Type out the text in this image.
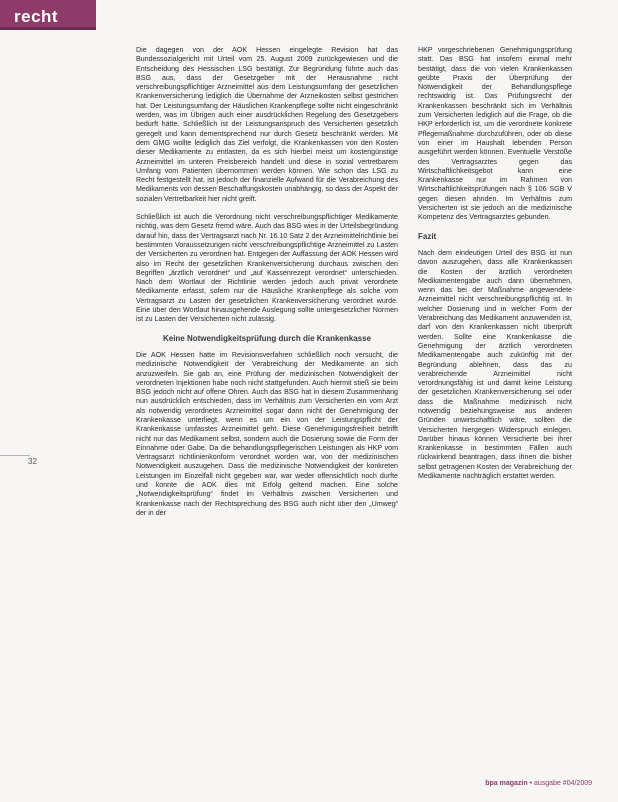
recht
32

Die dagegen von der AOK Hessen eingelegte Revision hat das Bundessozialgericht mit Urteil vom 25. August 2009 zurückgewiesen und die Entscheidung des Hessischen LSG bestätigt. Zur Begründung führte auch das BSG aus, dass der Gesetzgeber mit der Herausnahme nicht verschreibungspflichtiger Arzneimittel aus dem Leistungsumfang der gesetzlichen Krankenversicherung lediglich die Übernahme der Arzneikosten selbst gestrichen hat. Der Leistungsumfang der Häuslichen Krankenpflege sollte nicht eingeschränkt werden, was im Übrigen auch einer ausdrücklichen Regelung des Gesetzgebers bedurft hätte. Schließlich ist der Leistungsanspruch des Versicherten gesetzlich geregelt und kann dementsprechend nur durch Gesetz beschränkt werden. Mit dem GMG wollte lediglich das Ziel verfolgt, die Krankenkassen von den Kosten dieser Medikamente zu entlasten, da es sich hierbei meist um kostengünstige Arzneimittel im unteren Preisbereich handelt und diese in sozial vertretbarem Umfang vom Patienten übernommen werden können. Wie schon das LSG zu Recht festgestellt hat, ist jedoch der finanzielle Aufwand für die Verabreichung des Medikaments von dessen Beschaffungskosten unabhängig, so dass der Aspekt der sozialen Vertretbarkeit hier nicht greift.

Schließlich ist auch die Verordnung nicht verschreibungspflichtiger Medikamente nichtig, was dem Gesetz fremd wäre. Auch das BSG wies in der Urteilsbegründung darauf hin, dass der Vertragsarzt nach Nr. 16.10 Satz 2 der Arzneimittelrichtlinie bei bestimmten Voraussetzungen nicht verschreibungspflichtige Arzneimittel zu Lasten der Versicherten zu verordnen hat. Entgegen der Auffassung der AOK Hessen wird also im Recht der gesetzlichen Krankenversicherung durchaus zwischen den Begriffen „ärztlich verordnet“ und „auf Kassenrezept verordnet“ unterschieden. Nach dem Wortlaut der Richtlinie werden jedoch auch privat verordnete Medikamente erfasst, sofern nur die Häusliche Krankenpflege als solche vom Vertragsarzt zu Lasten der gesetzlichen Krankenversicherung verordnet wurde. Eine über den Wortlaut hinausgehende Auslegung sollte untergesetzlicher Normen ist zu Lasten der Versicherten nicht zulässig.

Keine Notwendigkeitsprüfung durch die Krankenkasse

Die AOK Hessen hatte im Revisionsverfahren schließlich noch versucht, die medizinische Notwendigkeit der Verabreichung der Medikamente an sich anzuzweifeln. Sie gab an, eine Prüfung der medizinischen Notwendigkeit der verordneten Injektionen habe noch nicht stattgefunden. Auch hiermit stieß sie beim BSG jedoch nicht auf offene Ohren. Auch das BSG hat in diesem Zusammenhang nun ausdrücklich entschieden, dass im Verhältnis zum Versicherten ein vom Arzt als notwendig verordnetes Arzneimittel sogar dann nicht der Genehmigung der Krankenkasse unterliegt, wenn es um ein von der Leistungspflicht der Krankenkasse umfasstes Arzneimittel geht. Diese Genehmigungsfreiheit betrifft nicht nur das Medikament selbst, sondern auch die Dosierung sowie die Form der Einnahme oder Gabe. Da die behandlungspflegerischen Leistungen als HKP vom Vertragsarzt richtlinienkonform verordnet worden war, von der medizinischen Notwendigkeit auszugehen. Dass die medizinische Notwendigkeit der konkreten Leistungen im Einzelfall nicht gegeben war, war weder offensichtlich noch durfte und konnte die AOK dies mit Erfolg geltend machen. Eine solche „Notwendigkeitsprüfung“ findet im Verhältnis zwischen Versicherten und Krankenkasse nach der Rechtsprechung des BSG auch nicht über den „Umweg“ der in der

HKP vorgeschriebenen Genehmigungsprüfung statt. Das BSG hat insofern einmal mehr bestätigt, dass die von vielen Krankenkassen geübte Praxis der Überprüfung der Notwendigkeit der Behandlungspflege rechtswidrig ist. Das Prüfungsrecht der Krankenkassen beschränkt sich im Verhältnis zum Versicherten lediglich auf die Frage, ob die HKP erforderlich ist, um die verordnete konkrete Pflegemaßnahme durchzuführen, oder ob diese von einer im Haushalt lebenden Person ausgeführt werden können. Eventuelle Verstöße des Vertragsarztes gegen das Wirtschaftlichkeitsgebot kann eine Krankenkasse nur im Rahmen von Wirtschaftlichkeitsprüfungen nach § 106 SGB V gegen diesen ahnden. Im Verhältnis zum Versicherten ist sie jedoch an die medizinische Kompetenz des Vertragsarztes gebunden.

Fazit

Nach dem eindeutigen Urteil des BSG ist nun davon auszugehen, dass alle Krankenkassen die Kosten der ärztlich verordneten Medikamentengabe auch dann übernehmen, wenn das bei der Maßnahme angewendete Arzneimittel nicht verschreibungspflichtig ist. In welcher Dosierung und in welcher Form der Verabreichung das Medikament anzuwenden ist, darf von den Krankenkassen nicht überprüft werden. Sollte eine Krankenkasse die Genehmigung der ärztlich verordneten Medikamentengabe auch zukünftig mit der Begründung ablehnen, dass das zu verabreichende Arzneimittel nicht verordnungsfähig ist und damit keine Leistung der gesetzlichen Krankenversicherung sei oder dass die Maßnahme medizinisch nicht notwendig beziehungsweise aus anderen Gründen unwirtschaftlich wäre, sollten die Versicherten hiergegen Widerspruch einlegen. Darüber hinaus können Versicherte bei ihrer Krankenkasse in bestimmten Fällen auch rückwirkend beantragen, dass ihnen die bisher selbst getragenen Kosten der Verabreichung der Medikamente nachträglich erstattet werden.

bpa magazin • ausgabe #04/2009
